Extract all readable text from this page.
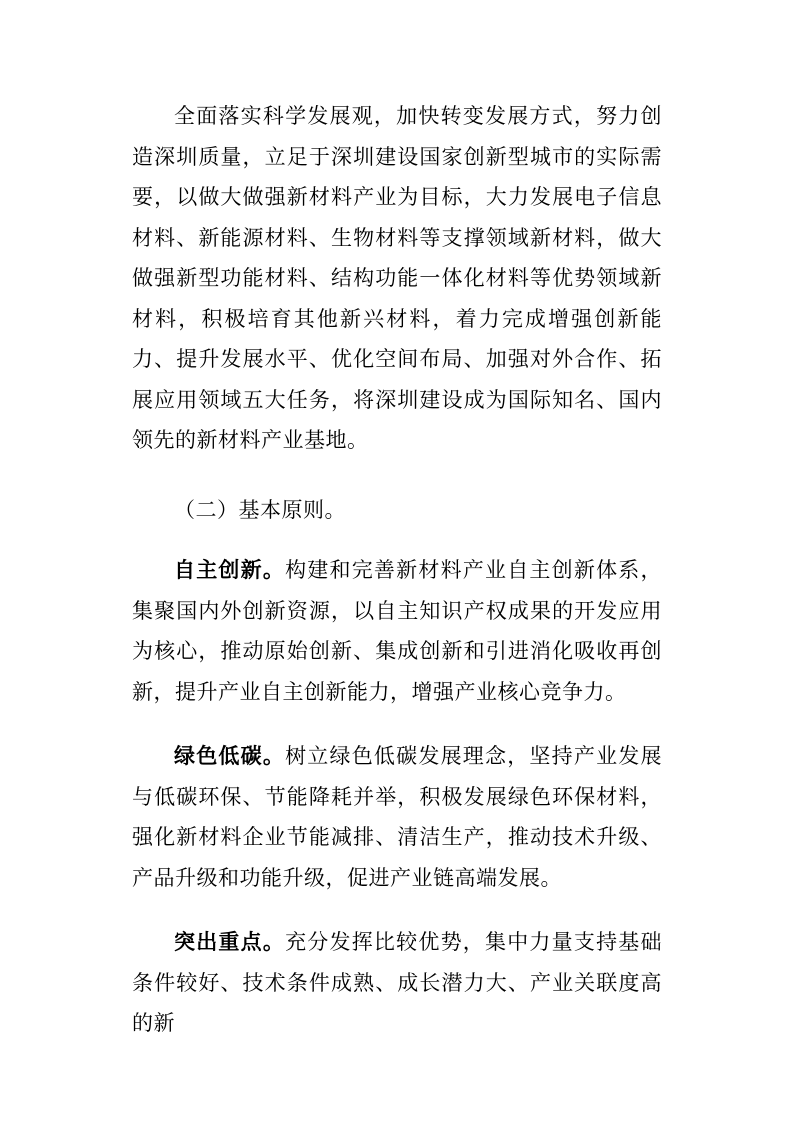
全面落实科学发展观，加快转变发展方式，努力创造深圳质量，立足于深圳建设国家创新型城市的实际需要，以做大做强新材料产业为目标，大力发展电子信息材料、新能源材料、生物材料等支撑领域新材料，做大做强新型功能材料、结构功能一体化材料等优势领域新材料，积极培育其他新兴材料，着力完成增强创新能力、提升发展水平、优化空间布局、加强对外合作、拓展应用领域五大任务，将深圳建设成为国际知名、国内领先的新材料产业基地。

（二）基本原则。

自主创新。构建和完善新材料产业自主创新体系，集聚国内外创新资源，以自主知识产权成果的开发应用为核心，推动原始创新、集成创新和引进消化吸收再创新，提升产业自主创新能力，增强产业核心竞争力。

绿色低碳。树立绿色低碳发展理念，坚持产业发展与低碳环保、节能降耗并举，积极发展绿色环保材料，强化新材料企业节能减排、清洁生产，推动技术升级、产品升级和功能升级，促进产业链高端发展。

突出重点。充分发挥比较优势，集中力量支持基础条件较好、技术条件成熟、成长潜力大、产业关联度高的新
